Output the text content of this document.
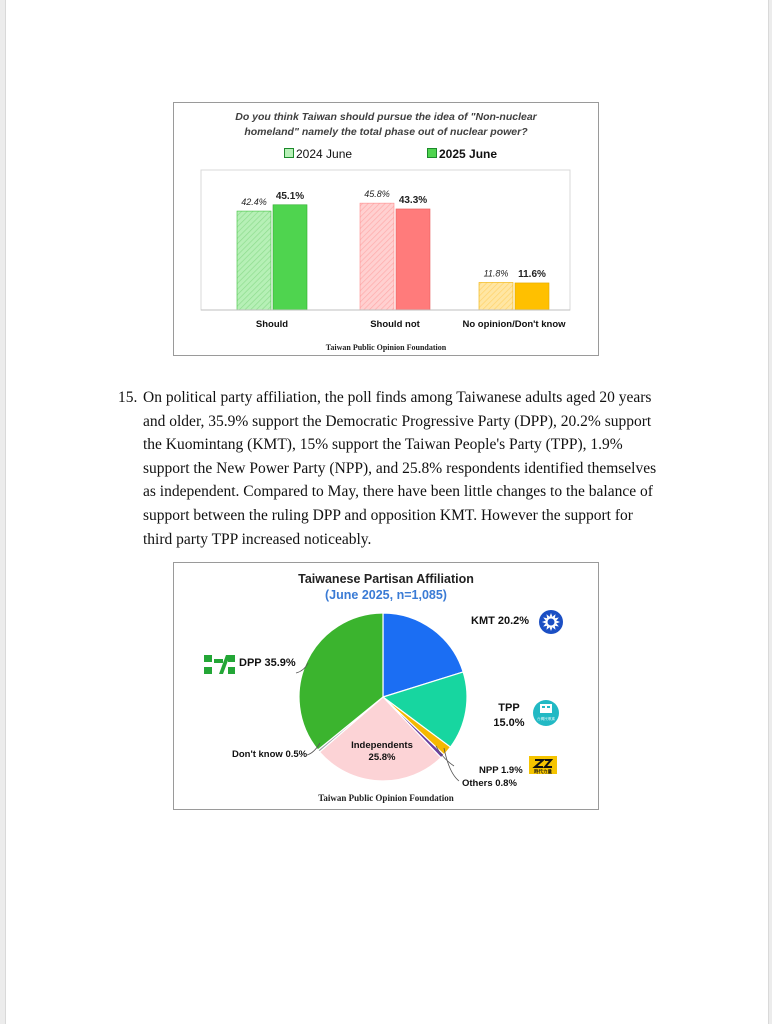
Do you think Taiwan should pursue the idea of "Non-nuclear
homeland" namely the total phase out of nuclear power?
2024 June	2025 June
42.4%
45.1%
Should
45.8%
43.3%
Should not
11.8% 11.6%
No opinion/Don't know
Taiwan Public Opinion Foundation
15. On political party affiliation, the poll finds among Taiwanese adults aged 20 years
and older, 35.9% support the Democratic Progressive Party (DPP), 20.2% support
the Kuomintang (KMT), 15% support the Taiwan People's Party (TPP), 1.9%
support the New Power Party (NPP), and 25.8% respondents identified themselves
as independent. Compared to May, there have been little changes to the balance of
support between the ruling DPP and opposition KMT. However the support for
third party TPP increased noticeably.
Taiwanese Partisan Affiliation
(June 2025, n=1,085)
台灣民眾黨
時代力量
KMT 20.2%
TPP 15.0%
DPP 35.9%
Independents 25.8%
Don't know 0.5%
NPP 1.9%
Others 0.8%
Taiwan Public Opinion Foundation
